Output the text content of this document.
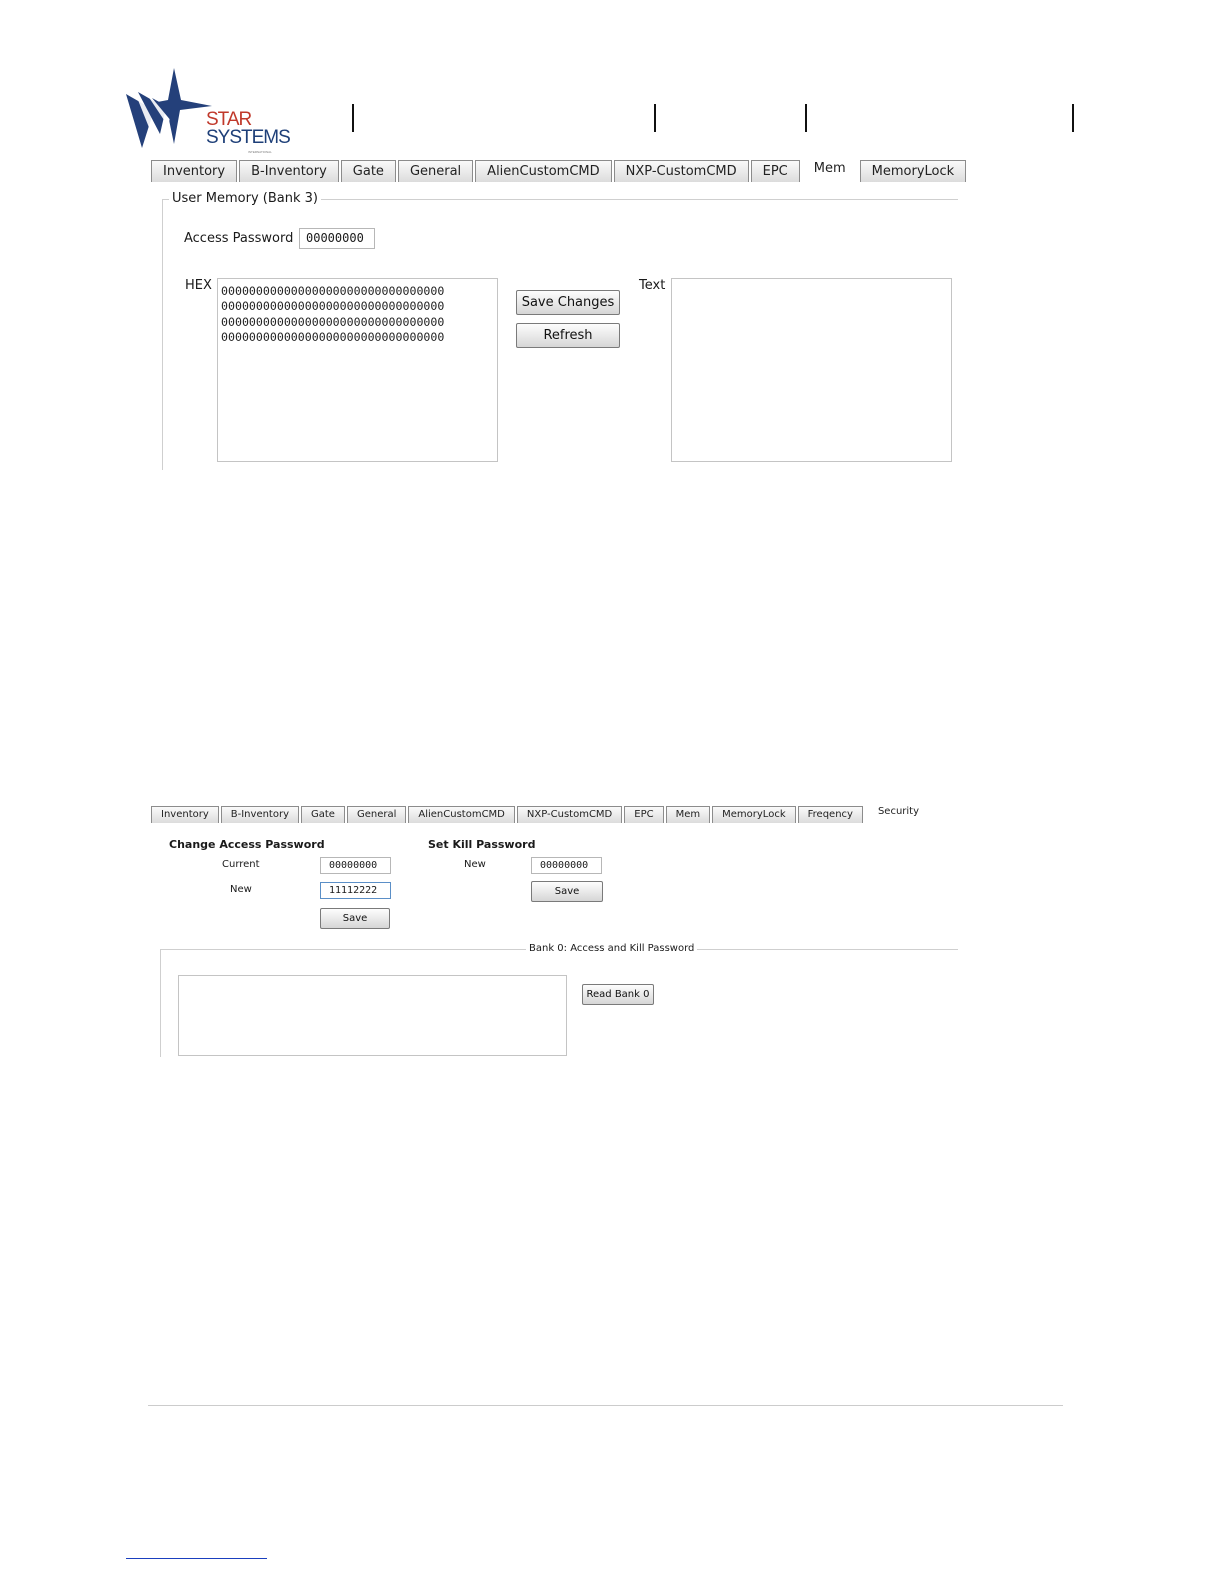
STAR
SYSTEMS
INTERNATIONAL
Inventory	B-Inventory	Gate	General	AlienCustomCMD	NXP-CustomCMD	EPC	Mem	MemoryLock
User Memory (Bank 3)
Access Password	00000000
HEX 00000000000000000000000000000000
00000000000000000000000000000000
00000000000000000000000000000000
00000000000000000000000000000000
Save Changes
Refresh
Text
Inventory	B-Inventory	Gate	General	AlienCustomCMD	NXP-CustomCMD	EPC	Mem	MemoryLock	Freqency	Security
Change Access Password
Current	00000000
New	11112222
Save
Set Kill Password
New	00000000
Save
Bank 0: Access and Kill Password
Read Bank 0
